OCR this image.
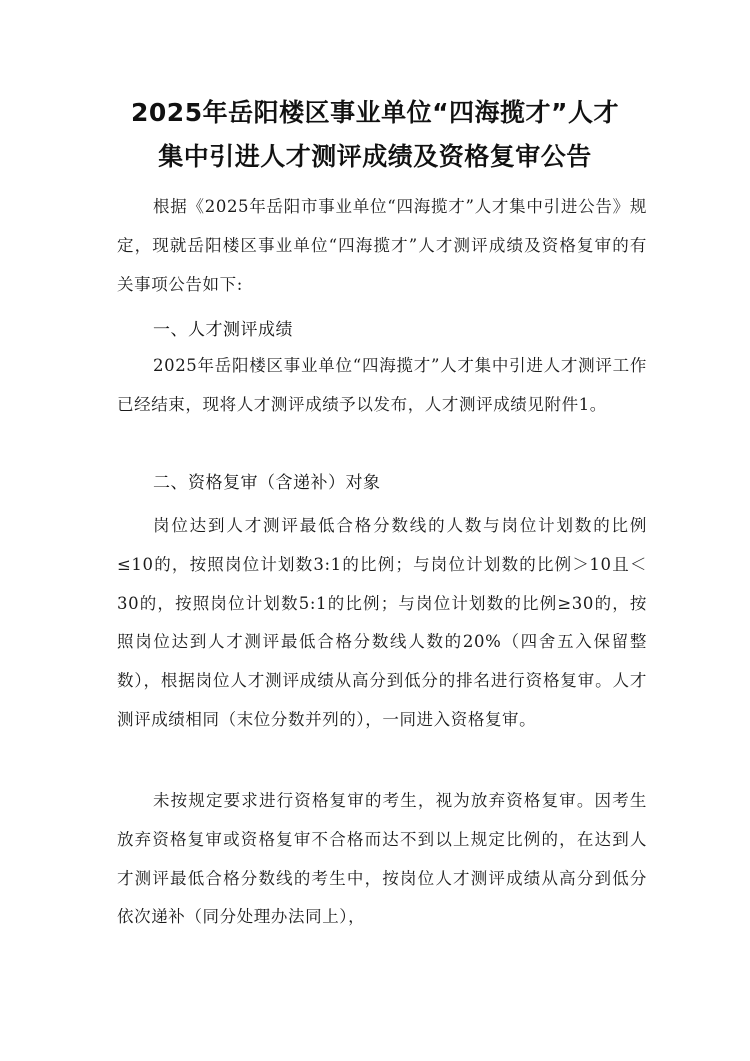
2025年岳阳楼区事业单位“四海揽才”人才
集中引进人才测评成绩及资格复审公告

根据《2025年岳阳市事业单位“四海揽才”人才集中引进公告》规定，现就岳阳楼区事业单位“四海揽才”人才测评成绩及资格复审的有关事项公告如下:

一、人才测评成绩

2025年岳阳楼区事业单位“四海揽才”人才集中引进人才测评工作已经结束，现将人才测评成绩予以发布，人才测评成绩见附件1。

二、资格复审（含递补）对象

岗位达到人才测评最低合格分数线的人数与岗位计划数的比例≤10的，按照岗位计划数3:1的比例；与岗位计划数的比例＞10且＜30的，按照岗位计划数5:1的比例；与岗位计划数的比例≥30的，按照岗位达到人才测评最低合格分数线人数的20%（四舍五入保留整数），根据岗位人才测评成绩从高分到低分的排名进行资格复审。人才测评成绩相同（末位分数并列的），一同进入资格复审。

未按规定要求进行资格复审的考生，视为放弃资格复审。因考生放弃资格复审或资格复审不合格而达不到以上规定比例的，在达到人才测评最低合格分数线的考生中，按岗位人才测评成绩从高分到低分依次递补（同分处理办法同上），
